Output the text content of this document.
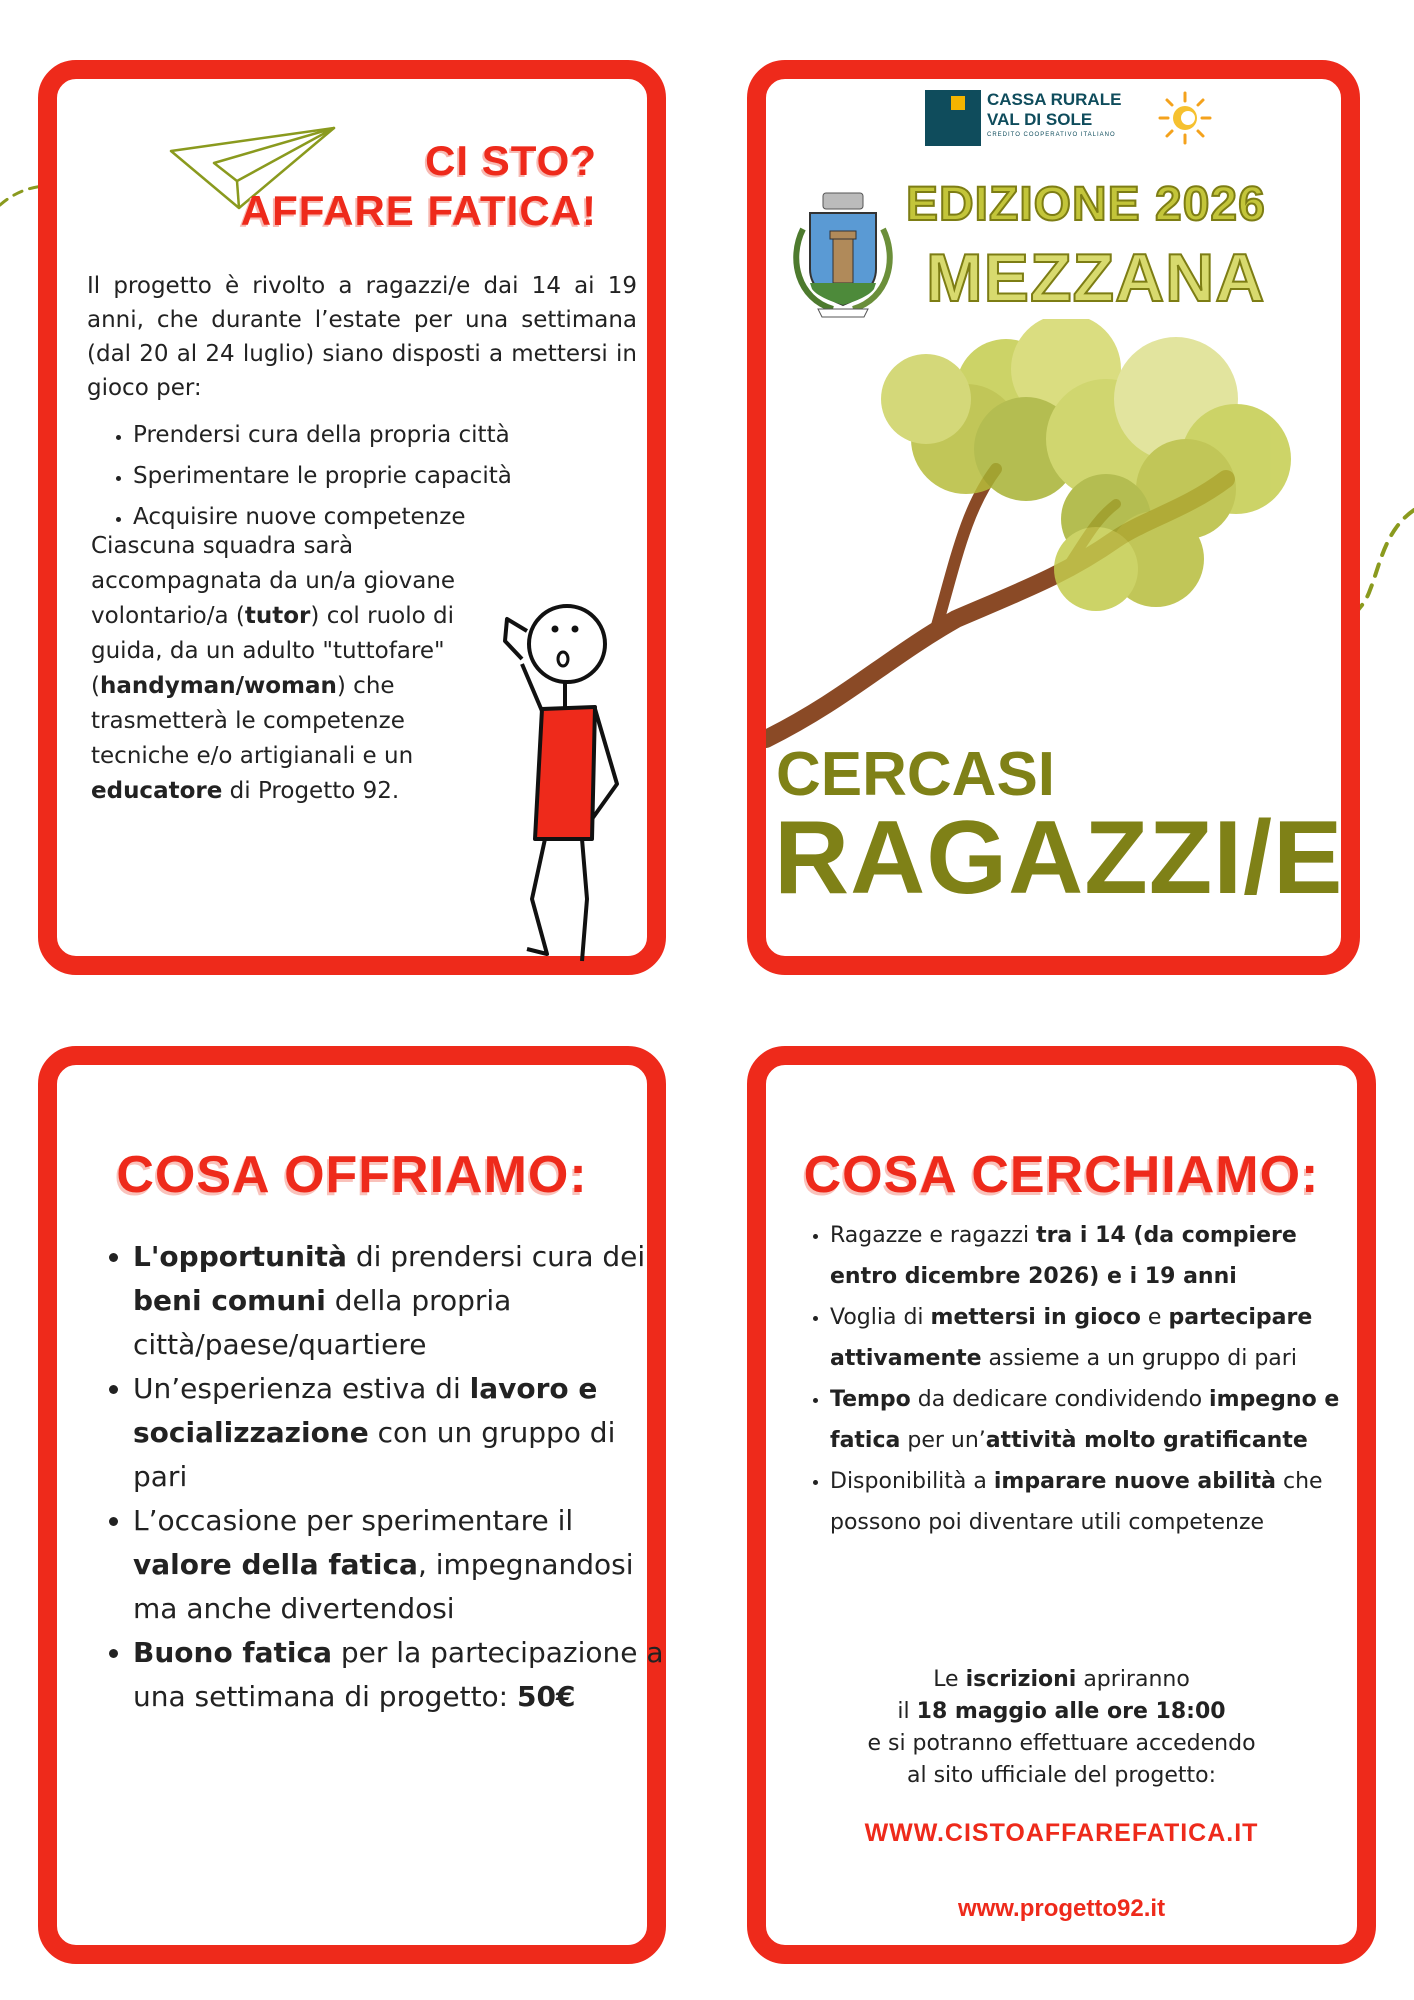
CI STO?
AFFARE FATICA!
Il progetto è rivolto a ragazzi/e dai 14 ai 19 anni, che durante l’estate per una settimana (dal 20 al 24 luglio) siano disposti a mettersi in gioco per:
• Prendersi cura della propria città
• Sperimentare le proprie capacità
• Acquisire nuove competenze
Ciascuna squadra sarà accompagnata da un/a giovane volontario/a (tutor) col ruolo di guida, da un adulto "tuttofare" (handyman/woman) che trasmetterà le competenze tecniche e/o artigianali e un educatore di Progetto 92.
CASSA RURALE
VAL DI SOLE
CREDITO COOPERATIVO ITALIANO
EDIZIONE 2026
MEZZANA
CERCASI
RAGAZZI/E
COSA OFFRIAMO:
• L'opportunità di prendersi cura dei beni comuni della propria città/paese/quartiere
• Un’esperienza estiva di lavoro e socializzazione con un gruppo di pari
• L’occasione per sperimentare il valore della fatica, impegnandosi ma anche divertendosi
• Buono fatica per la partecipazione a una settimana di progetto: 50€
COSA CERCHIAMO:
• Ragazze e ragazzi tra i 14 (da compiere entro dicembre 2026) e i 19 anni
• Voglia di mettersi in gioco e partecipare attivamente assieme a un gruppo di pari
• Tempo da dedicare condividendo impegno e fatica per un’attività molto gratificante
• Disponibilità a imparare nuove abilità che possono poi diventare utili competenze
Le iscrizioni apriranno
il 18 maggio alle ore 18:00
e si potranno effettuare accedendo
al sito ufficiale del progetto:
WWW.CISTOAFFAREFATICA.IT
www.progetto92.it
